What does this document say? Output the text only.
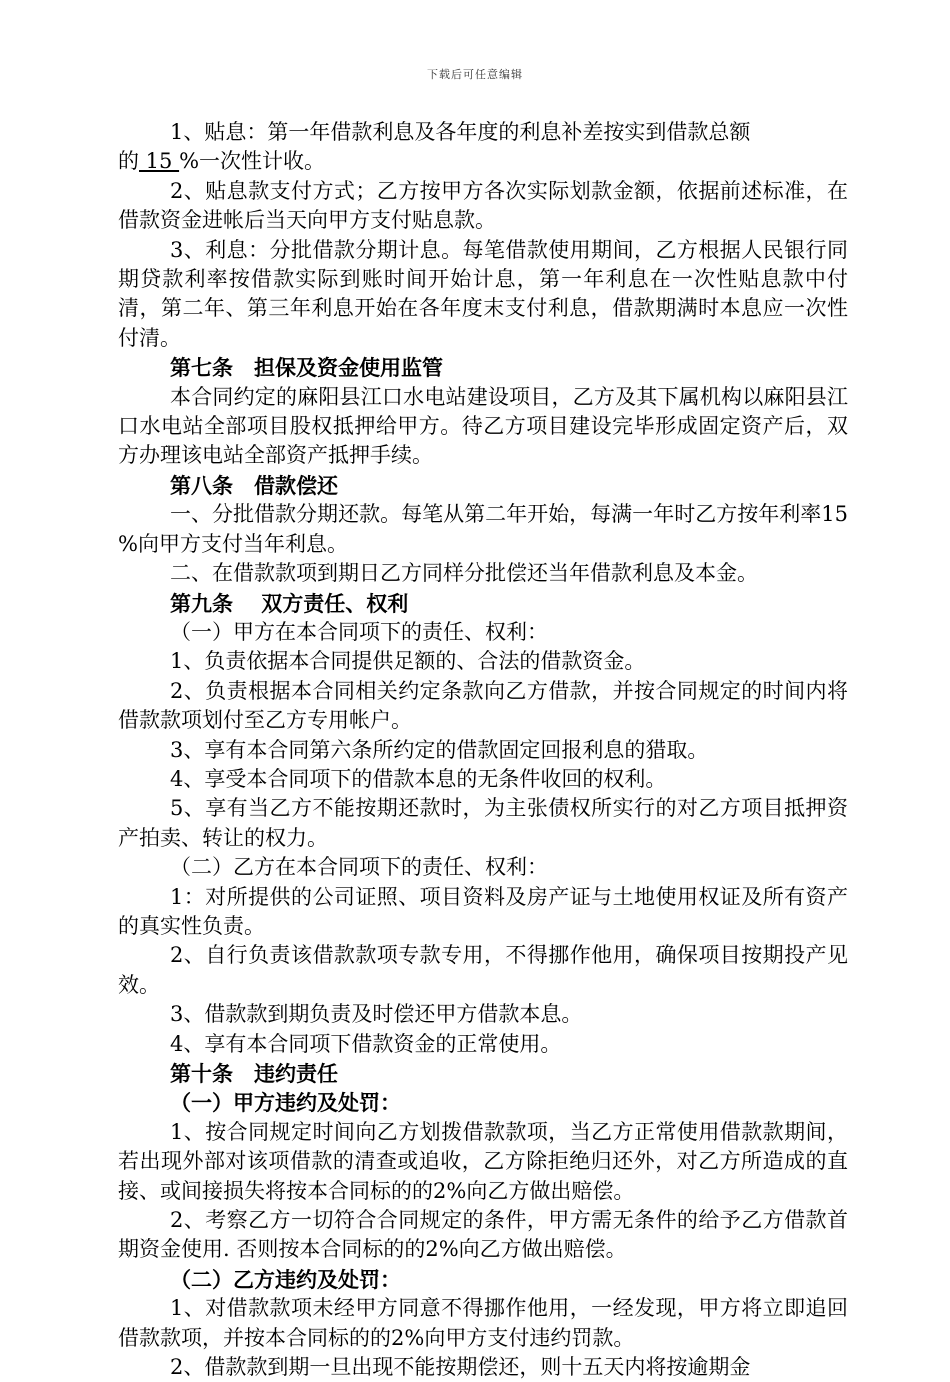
下载后可任意编辑

1、贴息：第一年借款利息及各年度的利息补差按实到借款总额

的 15 %一次性计收。

2、贴息款支付方式；乙方按甲方各次实际划款金额，依据前述标准，在借款资金进帐后当天向甲方支付贴息款。

3、利息：分批借款分期计息。每笔借款使用期间，乙方根据人民银行同期贷款利率按借款实际到账时间开始计息，第一年利息在一次性贴息款中付清，第二年、第三年利息开始在各年度末支付利息，借款期满时本息应一次性付清。

第七条　担保及资金使用监管

本合同约定的麻阳县江口水电站建设项目，乙方及其下属机构以麻阳县江口水电站全部项目股权抵押给甲方。待乙方项目建设完毕形成固定资产后，双方办理该电站全部资产抵押手续。

第八条　借款偿还

一、分批借款分期还款。每笔从第二年开始，每满一年时乙方按年利率15 %向甲方支付当年利息。

二、在借款款项到期日乙方同样分批偿还当年借款利息及本金。

第九条　 双方责任、权利

（一）甲方在本合同项下的责任、权利：

1、负责依据本合同提供足额的、合法的借款资金。

2、负责根据本合同相关约定条款向乙方借款，并按合同规定的时间内将借款款项划付至乙方专用帐户。

3、享有本合同第六条所约定的借款固定回报利息的猎取。

4、享受本合同项下的借款本息的无条件收回的权利。

5、享有当乙方不能按期还款时，为主张债权所实行的对乙方项目抵押资产拍卖、转让的权力。

（二）乙方在本合同项下的责任、权利：

1：对所提供的公司证照、项目资料及房产证与土地使用权证及所有资产的真实性负责。

2、自行负责该借款款项专款专用，不得挪作他用，确保项目按期投产见效。

3、借款款到期负责及时偿还甲方借款本息。

4、享有本合同项下借款资金的正常使用。

第十条　违约责任

（一）甲方违约及处罚：

1、按合同规定时间向乙方划拨借款款项，当乙方正常使用借款款期间，若出现外部对该项借款的清查或追收，乙方除拒绝归还外，对乙方所造成的直接、或间接损失将按本合同标的的2%向乙方做出赔偿。

2、考察乙方一切符合合同规定的条件，甲方需无条件的给予乙方借款首期资金使用. 否则按本合同标的的2%向乙方做出赔偿。

（二）乙方违约及处罚：

1、对借款款项未经甲方同意不得挪作他用，一经发现，甲方将立即追回借款款项，并按本合同标的的2%向甲方支付违约罚款。

2、借款款到期一旦出现不能按期偿还，则十五天内将按逾期金
